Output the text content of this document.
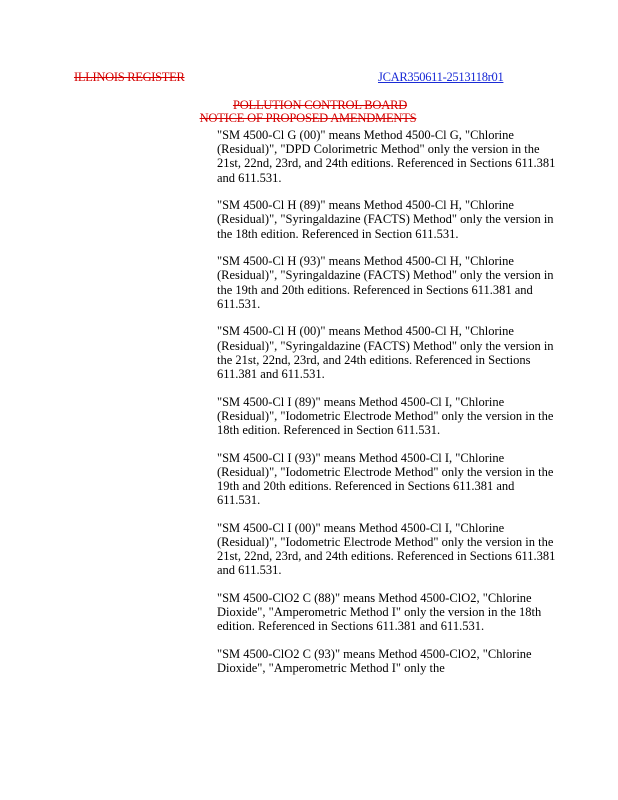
ILLINOIS REGISTER	JCAR350611-2513118r01
POLLUTION CONTROL BOARD
NOTICE OF PROPOSED AMENDMENTS

"SM 4500-Cl G (00)" means Method 4500-Cl G, "Chlorine (Residual)", "DPD Colorimetric Method" only the version in the 21st, 22nd, 23rd, and 24th editions. Referenced in Sections 611.381 and 611.531.

"SM 4500-Cl H (89)" means Method 4500-Cl H, "Chlorine (Residual)", "Syringaldazine (FACTS) Method" only the version in the 18th edition. Referenced in Section 611.531.

"SM 4500-Cl H (93)" means Method 4500-Cl H, "Chlorine (Residual)", "Syringaldazine (FACTS) Method" only the version in the 19th and 20th editions. Referenced in Sections 611.381 and 611.531.

"SM 4500-Cl H (00)" means Method 4500-Cl H, "Chlorine (Residual)", "Syringaldazine (FACTS) Method" only the version in the 21st, 22nd, 23rd, and 24th editions. Referenced in Sections 611.381 and 611.531.

"SM 4500-Cl I (89)" means Method 4500-Cl I, "Chlorine (Residual)", "Iodometric Electrode Method" only the version in the 18th edition. Referenced in Section 611.531.

"SM 4500-Cl I (93)" means Method 4500-Cl I, "Chlorine (Residual)", "Iodometric Electrode Method" only the version in the 19th and 20th editions. Referenced in Sections 611.381 and 611.531.

"SM 4500-Cl I (00)" means Method 4500-Cl I, "Chlorine (Residual)", "Iodometric Electrode Method" only the version in the 21st, 22nd, 23rd, and 24th editions. Referenced in Sections 611.381 and 611.531.

"SM 4500-ClO2 C (88)" means Method 4500-ClO2, "Chlorine Dioxide", "Amperometric Method I" only the version in the 18th edition. Referenced in Sections 611.381 and 611.531.

"SM 4500-ClO2 C (93)" means Method 4500-ClO2, "Chlorine Dioxide", "Amperometric Method I" only the
